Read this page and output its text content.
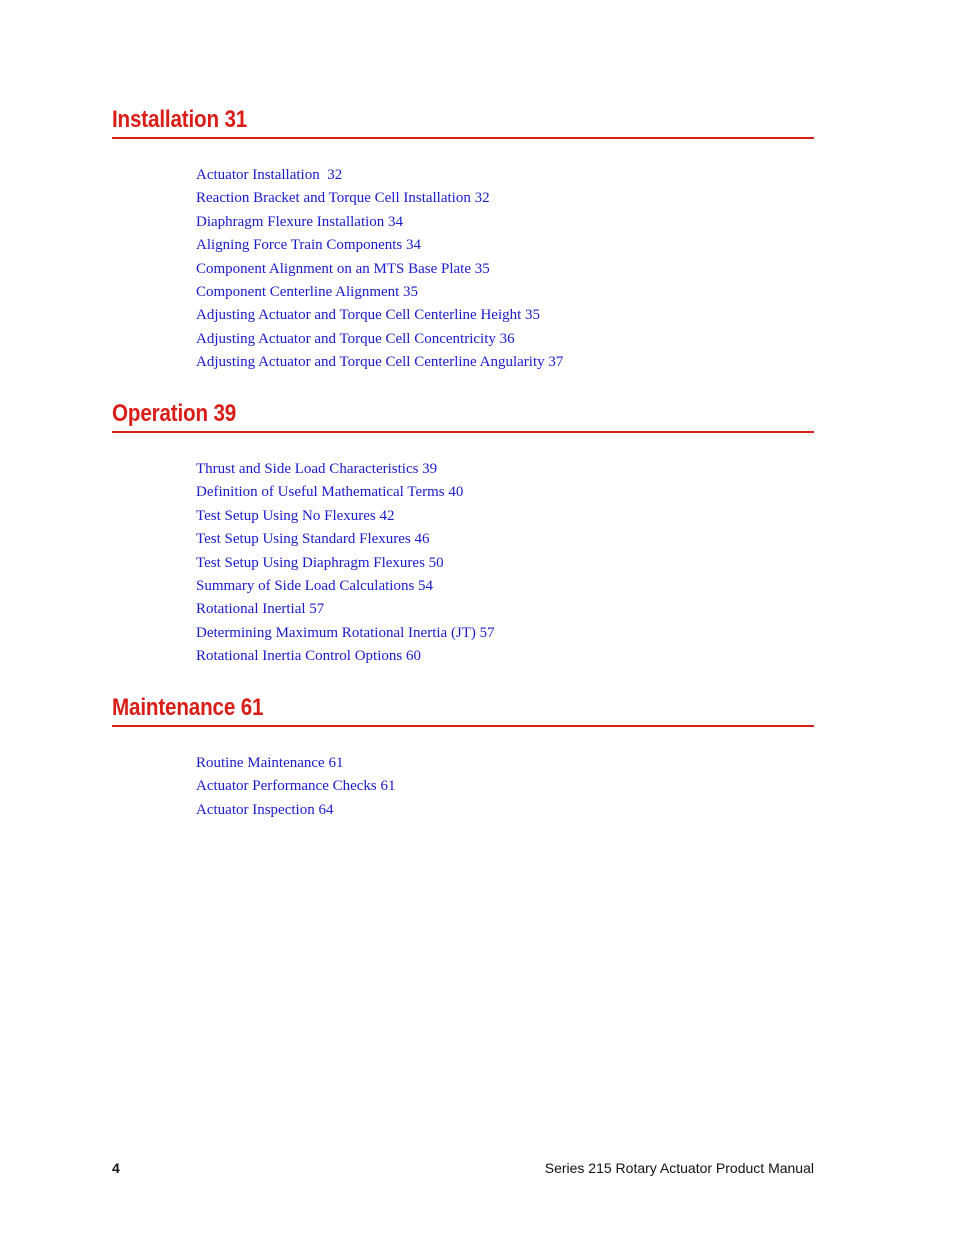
Installation 31
Actuator Installation  32
Reaction Bracket and Torque Cell Installation 32
Diaphragm Flexure Installation 34
Aligning Force Train Components 34
Component Alignment on an MTS Base Plate 35
Component Centerline Alignment 35
Adjusting Actuator and Torque Cell Centerline Height 35
Adjusting Actuator and Torque Cell Concentricity 36
Adjusting Actuator and Torque Cell Centerline Angularity 37
Operation 39
Thrust and Side Load Characteristics 39
Definition of Useful Mathematical Terms 40
Test Setup Using No Flexures 42
Test Setup Using Standard Flexures 46
Test Setup Using Diaphragm Flexures 50
Summary of Side Load Calculations 54
Rotational Inertial 57
Determining Maximum Rotational Inertia (JT) 57
Rotational Inertia Control Options 60
Maintenance 61
Routine Maintenance 61
Actuator Performance Checks 61
Actuator Inspection 64
4	Series 215 Rotary Actuator Product Manual
